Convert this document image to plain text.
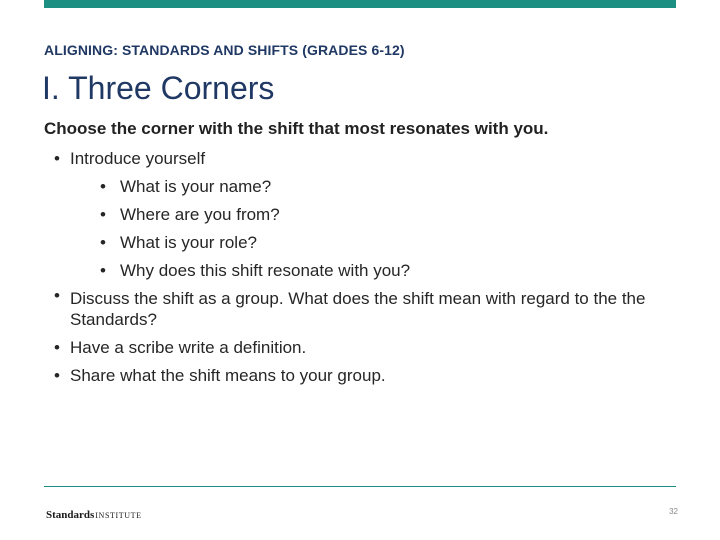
ALIGNING: STANDARDS AND SHIFTS (GRADES 6-12)
I. Three Corners
Choose the corner with the shift that most resonates with you.
• Introduce yourself
• What is your name?
• Where are you from?
• What is your role?
• Why does this shift resonate with you?
• Discuss the shift as a group. What does the shift mean with regard to the the Standards?
• Have a scribe write a definition.
• Share what the shift means to your group.
StandardsINSTITUTE	32
